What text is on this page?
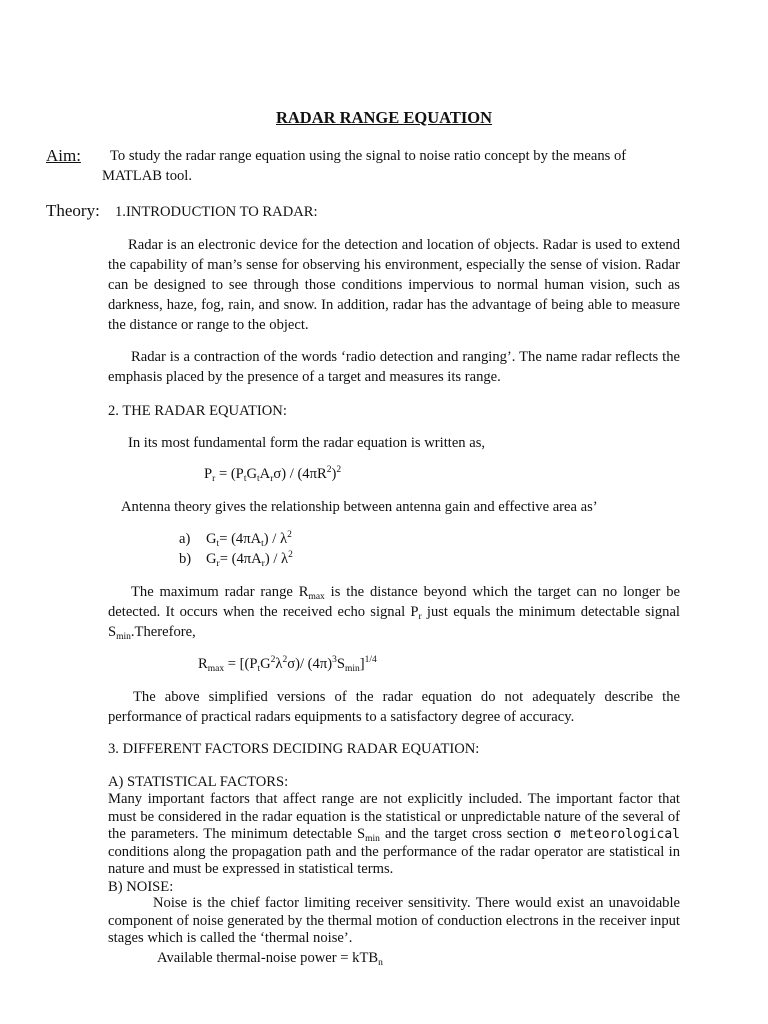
RADAR RANGE EQUATION

Aim: To study the radar range equation using the signal to noise ratio concept by the means of

MATLAB tool.

Theory: 1.INTRODUCTION TO RADAR:

Radar is an electronic device for the detection and location of objects. Radar is used to extend the capability of man’s sense for observing his environment, especially the sense of vision. Radar can be designed to see through those conditions impervious to normal human vision, such as darkness, haze, fog, rain, and snow. In addition, radar has the advantage of being able to measure the distance or range to the object.

Radar is a contraction of the words ‘radio detection and ranging’. The name radar reflects the emphasis placed by the presence of a target and measures its range.

2. THE RADAR EQUATION:

In its most fundamental form the radar equation is written as,

$P_r = (P_tG_tA_r\sigma) / (4\pi R^2)^2$

Antenna theory gives the relationship between antenna gain and effective area as’

a) $G_t= (4\pi A_t) / \lambda^2$
b) $G_r= (4\pi A_r) / \lambda^2$

The maximum radar range $R_{max}$ is the distance beyond which the target can no longer be detected. It occurs when the received echo signal $P_r$ just equals the minimum detectable signal $S_{min}.Therefore$,

$R_{max} = [(P_tG^2\lambda^2\sigma)/$ $(4\pi)^3S_{min}]^{1/4}$

The above simplified versions of the radar equation do not adequately describe the performance of practical radars equipments to a satisfactory degree of accuracy.

3. DIFFERENT FACTORS DECIDING RADAR EQUATION:

A) STATISTICAL FACTORS:

Many important factors that affect range are not explicitly included. The important factor that must be considered in the radar equation is the statistical or unpredictable nature of the several of the parameters. The minimum detectable $S_{min}$ and the target cross section σ meteorological conditions along the propagation path and the performance of the radar operator are statistical in nature and must be expressed in statistical terms.

B) NOISE:

Noise is the chief factor limiting receiver sensitivity. There would exist an unavoidable component of noise generated by the thermal motion of conduction electrons in the receiver input stages which is called the ‘thermal noise’.

Available thermal-noise power = kTB$_n$
